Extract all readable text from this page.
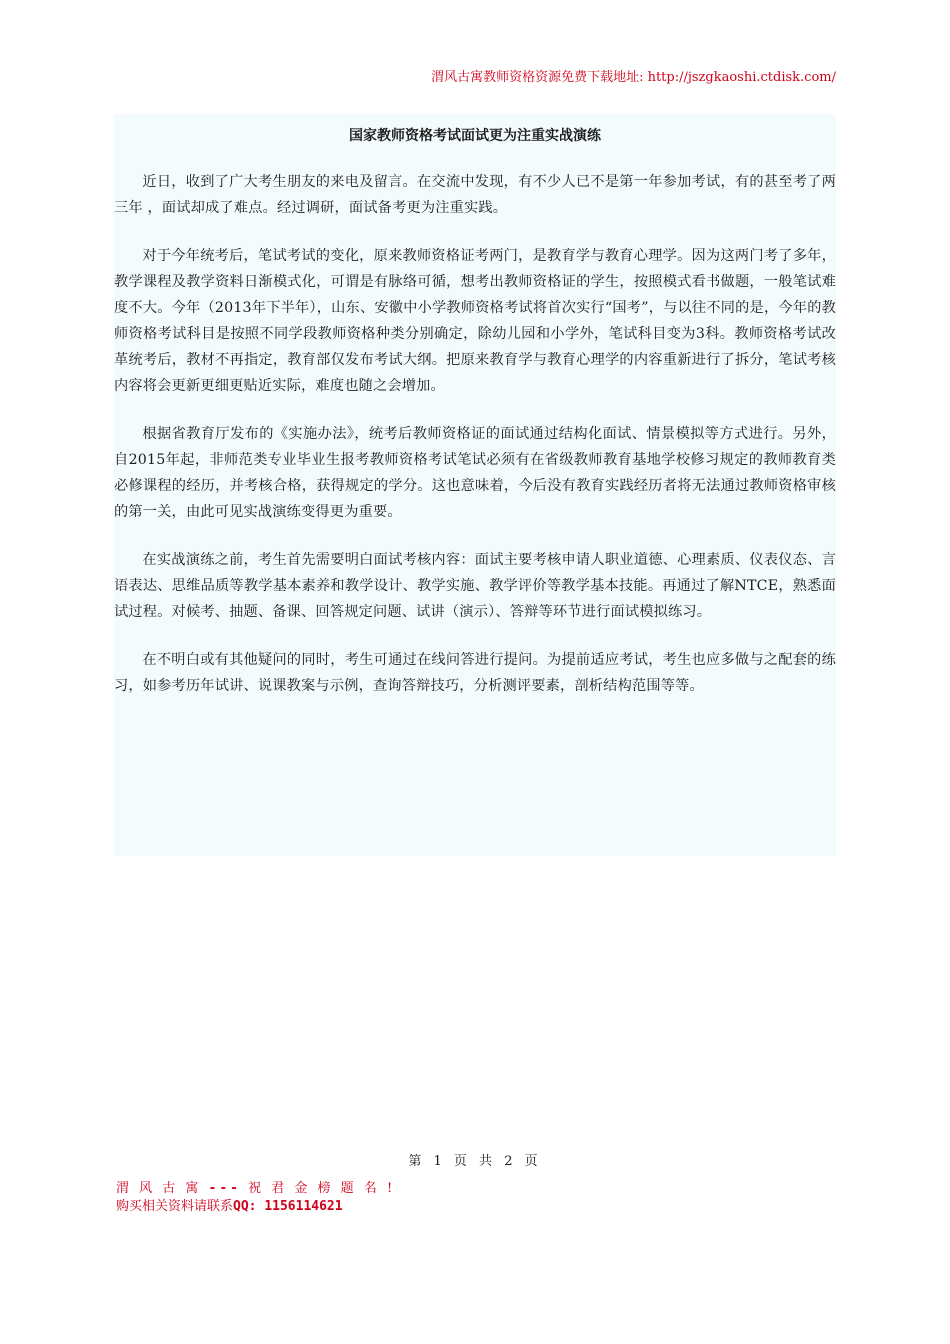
渭风古寓教师资格资源免费下载地址: http://jszgkaoshi.ctdisk.com/
国家教师资格考试面试更为注重实战演练

近日，收到了广大考生朋友的来电及留言。在交流中发现，有不少人已不是第一年参加考试，有的甚至考了两三年 ，面试却成了难点。经过调研，面试备考更为注重实践。

对于今年统考后，笔试考试的变化，原来教师资格证考两门，是教育学与教育心理学。因为这两门考了多年，教学课程及教学资料日渐模式化，可谓是有脉络可循，想考出教师资格证的学生，按照模式看书做题，一般笔试难度不大。今年（2013年下半年），山东、安徽中小学教师资格考试将首次实行“国考”，与以往不同的是，今年的教师资格考试科目是按照不同学段教师资格种类分别确定，除幼儿园和小学外，笔试科目变为3科。教师资格考试改革统考后，教材不再指定，教育部仅发布考试大纲。把原来教育学与教育心理学的内容重新进行了拆分，笔试考核内容将会更新更细更贴近实际，难度也随之会增加。

根据省教育厅发布的《实施办法》，统考后教师资格证的面试通过结构化面试、情景模拟等方式进行。另外，自2015年起，非师范类专业毕业生报考教师资格考试笔试必须有在省级教师教育基地学校修习规定的教师教育类必修课程的经历，并考核合格，获得规定的学分。这也意味着，今后没有教育实践经历者将无法通过教师资格审核的第一关，由此可见实战演练变得更为重要。

在实战演练之前，考生首先需要明白面试考核内容：面试主要考核申请人职业道德、心理素质、仪表仪态、言语表达、思维品质等教学基本素养和教学设计、教学实施、教学评价等教学基本技能。再通过了解NTCE，熟悉面试过程。对候考、抽题、备课、回答规定问题、试讲（演示）、答辩等环节进行面试模拟练习。

在不明白或有其他疑问的同时，考生可通过在线问答进行提问。为提前适应考试，考生也应多做与之配套的练习，如参考历年试讲、说课教案与示例，查询答辩技巧，分析测评要素，剖析结构范围等等。

第 1 页 共 2 页
渭 风 古 寓 --- 祝 君 金 榜 题 名 !
购买相关资料请联系QQ: 1156114621
